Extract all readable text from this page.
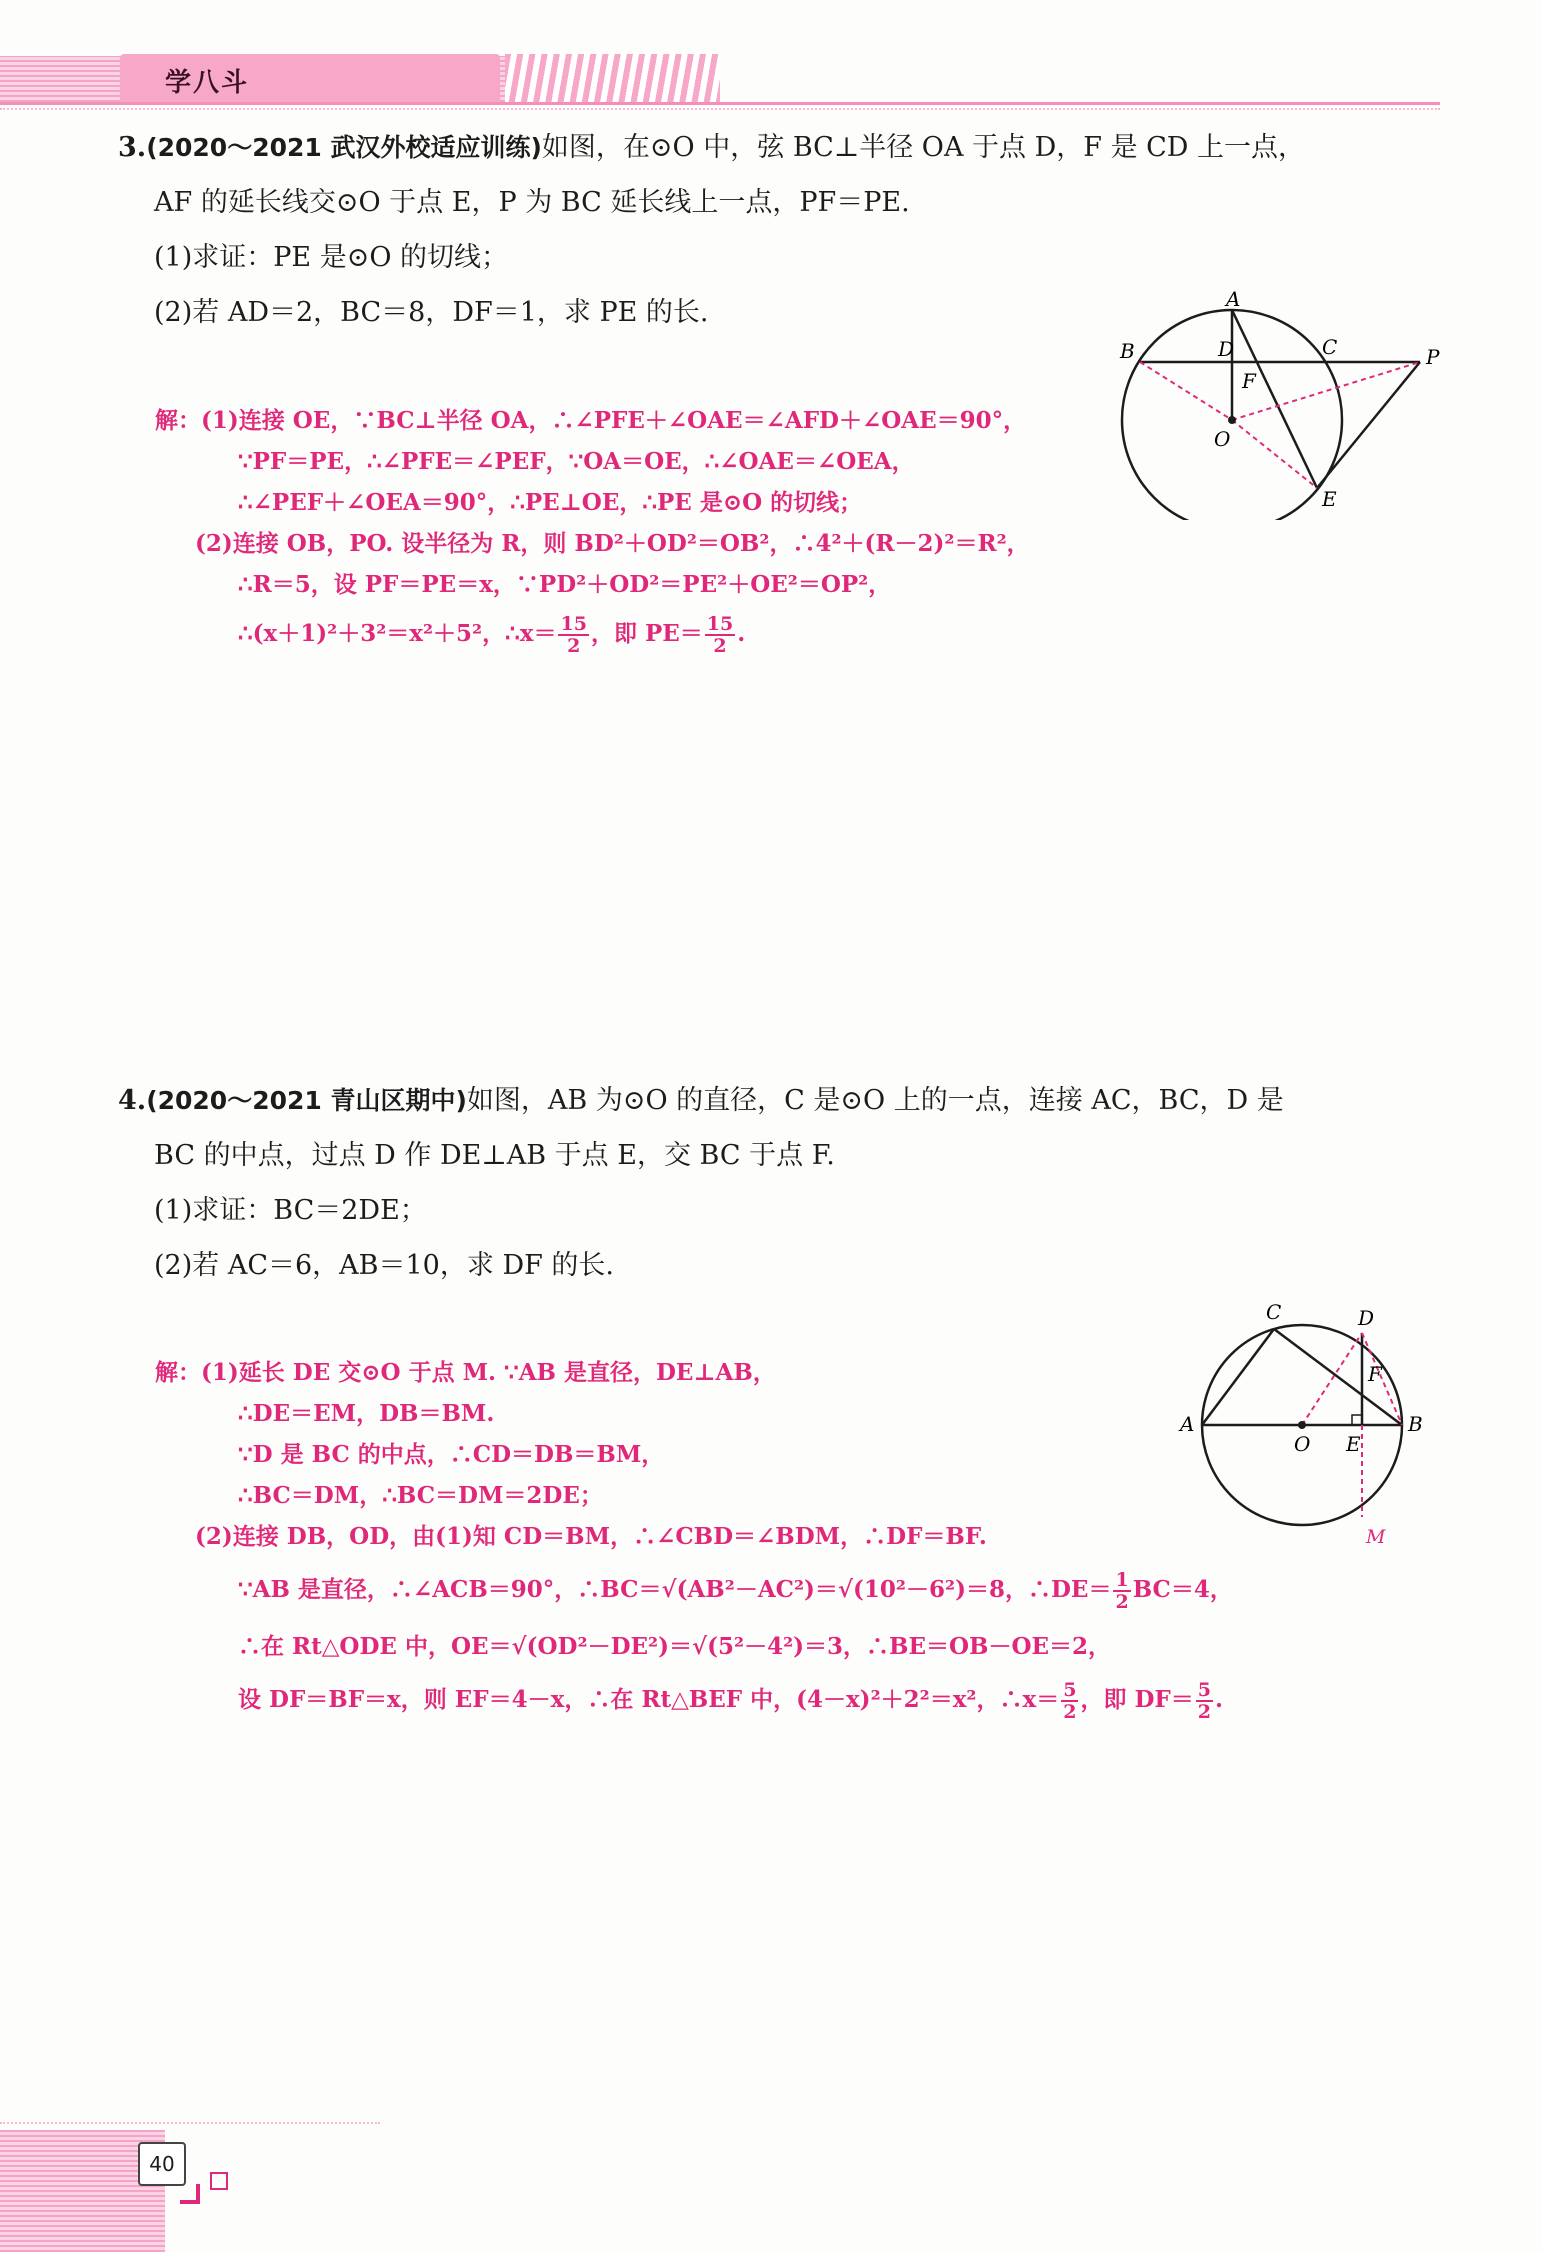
学八斗
3.(2020～2021 武汉外校适应训练)如图，在⊙O 中，弦 BC⊥半径 OA 于点 D，F 是 CD 上一点，
AF 的延长线交⊙O 于点 E，P 为 BC 延长线上一点，PF＝PE.
(1)求证：PE 是⊙O 的切线；
(2)若 AD＝2，BC＝8，DF＝1，求 PE 的长.	A
B	D	C	P
F
O
E
解：(1)连接 OE，∵BC⊥半径 OA，∴∠PFE＋∠OAE＝∠AFD＋∠OAE＝90°，
∵PF＝PE，∴∠PFE＝∠PEF，∵OA＝OE，∴∠OAE＝∠OEA，
∴∠PEF＋∠OEA＝90°，∴PE⊥OE，∴PE 是⊙O 的切线；
(2)连接 OB，PO. 设半径为 R，则 BD²＋OD²＝OB²，∴4²＋(R－2)²＝R²，
∴R＝5，设 PF＝PE＝x，∵PD²＋OD²＝PE²＋OE²＝OP²，
∴(x＋1)²＋3²＝x²＋5²，∴x＝ $\frac{15}{2}$ ，即 $PE= \frac{15}{2}$ .
4.(2020～2021 青山区期中)如图，AB 为⊙O 的直径，C 是⊙O 上的一点，连接 AC，BC，D 是
BC 的中点，过点 D 作 DE⊥AB 于点 E，交 BC 于点 F.
(1)求证：BC＝2DE；
(2)若 AC＝6，AB＝10，求 DF 的长.
C	D
F
A
O E
B
M
解：(1)延长 DE 交⊙O 于点 M. ∵AB 是直径，DE⊥AB，
∴DE＝EM，DB＝BM.
∵D 是 BC 的中点，∴CD＝DB＝BM，
∴BC＝DM，∴BC＝DM＝2DE；
(2)连接 DB，OD，由(1)知 CD＝BM，∴∠CBD＝∠BDM，∴DF＝BF.
∵AB 是直径，∴∠ACB＝90°，∴BC＝√(AB²－AC²)＝√(10²－6²)＝8，∴DE＝ $\frac{1}{2} BC=4$，
∴在 Rt△ODE 中，OE＝√(OD²－DE²)＝√(5²－4²)＝3，∴BE＝OB－OE＝2，
设 DF＝BF＝x，则 EF＝4－x，∴在 Rt△BEF 中，(4－x)²＋2²＝x²，∴x＝ $\frac{5}{2}$ ，即 $DF= \frac{5}{2}$ .
40
